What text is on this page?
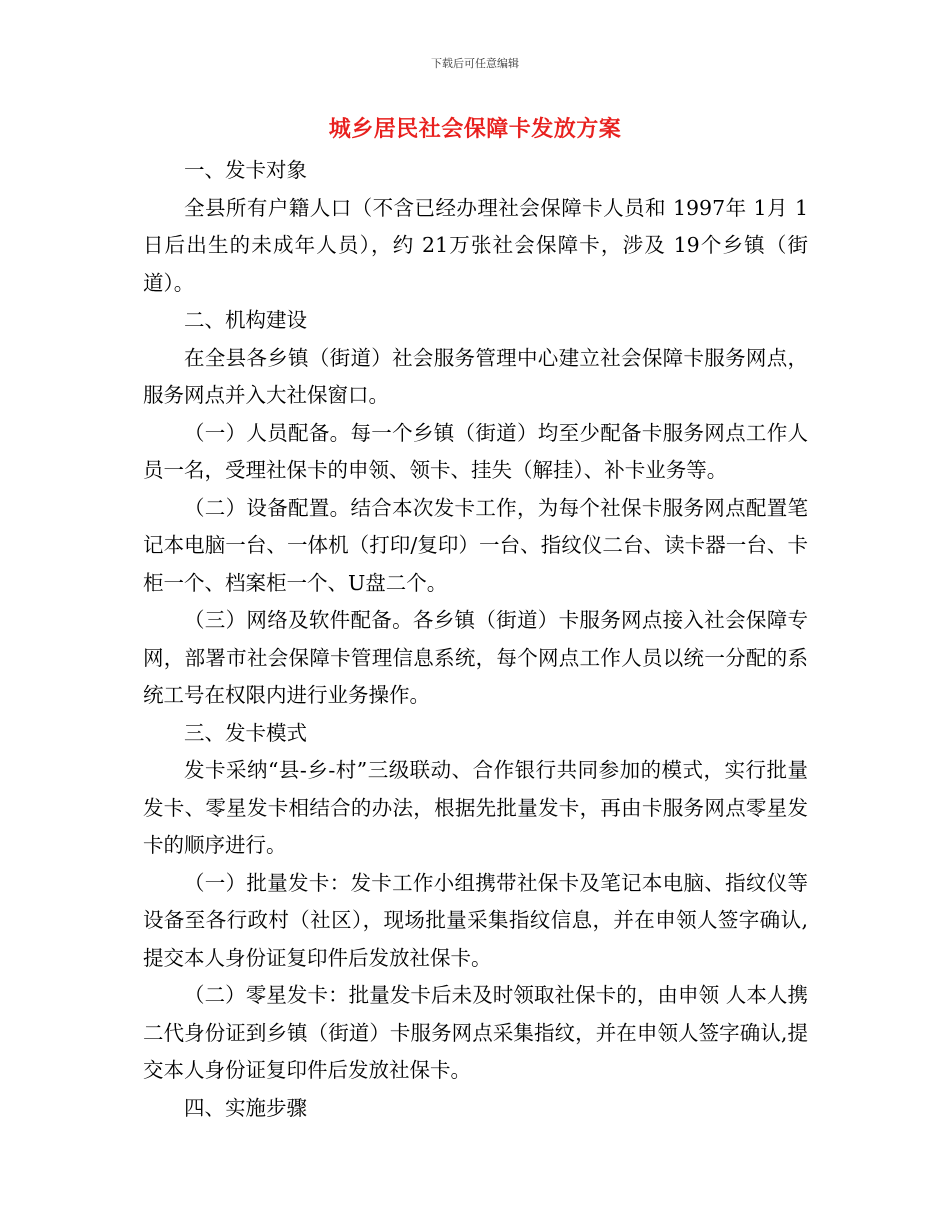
下载后可任意编辑
城乡居民社会保障卡发放方案

一、发卡对象

全县所有户籍人口（不含已经办理社会保障卡人员和 1997年 1月 1日后出生的未成年人员），约 21万张社会保障卡，涉及 19个乡镇（街道）。

二、机构建设

在全县各乡镇（街道）社会服务管理中心建立社会保障卡服务网点，服务网点并入大社保窗口。

（一）人员配备。每一个乡镇（街道）均至少配备卡服务网点工作人员一名，受理社保卡的申领、领卡、挂失（解挂）、补卡业务等。

（二）设备配置。结合本次发卡工作，为每个社保卡服务网点配置笔记本电脑一台、一体机（打印/复印）一台、指纹仪二台、读卡器一台、卡柜一个、档案柜一个、U盘二个。

（三）网络及软件配备。各乡镇（街道）卡服务网点接入社会保障专网，部署市社会保障卡管理信息系统，每个网点工作人员以统一分配的系统工号在权限内进行业务操作。

三、发卡模式

发卡采纳“县-乡-村”三级联动、合作银行共同参加的模式，实行批量发卡、零星发卡相结合的办法，根据先批量发卡，再由卡服务网点零星发卡的顺序进行。

（一）批量发卡：发卡工作小组携带社保卡及笔记本电脑、指纹仪等设备至各行政村（社区），现场批量采集指纹信息，并在申领人签字确认,提交本人身份证复印件后发放社保卡。

（二）零星发卡：批量发卡后未及时领取社保卡的，由申领 人本人携二代身份证到乡镇（街道）卡服务网点采集指纹，并在申领人签字确认,提交本人身份证复印件后发放社保卡。

四、实施步骤
